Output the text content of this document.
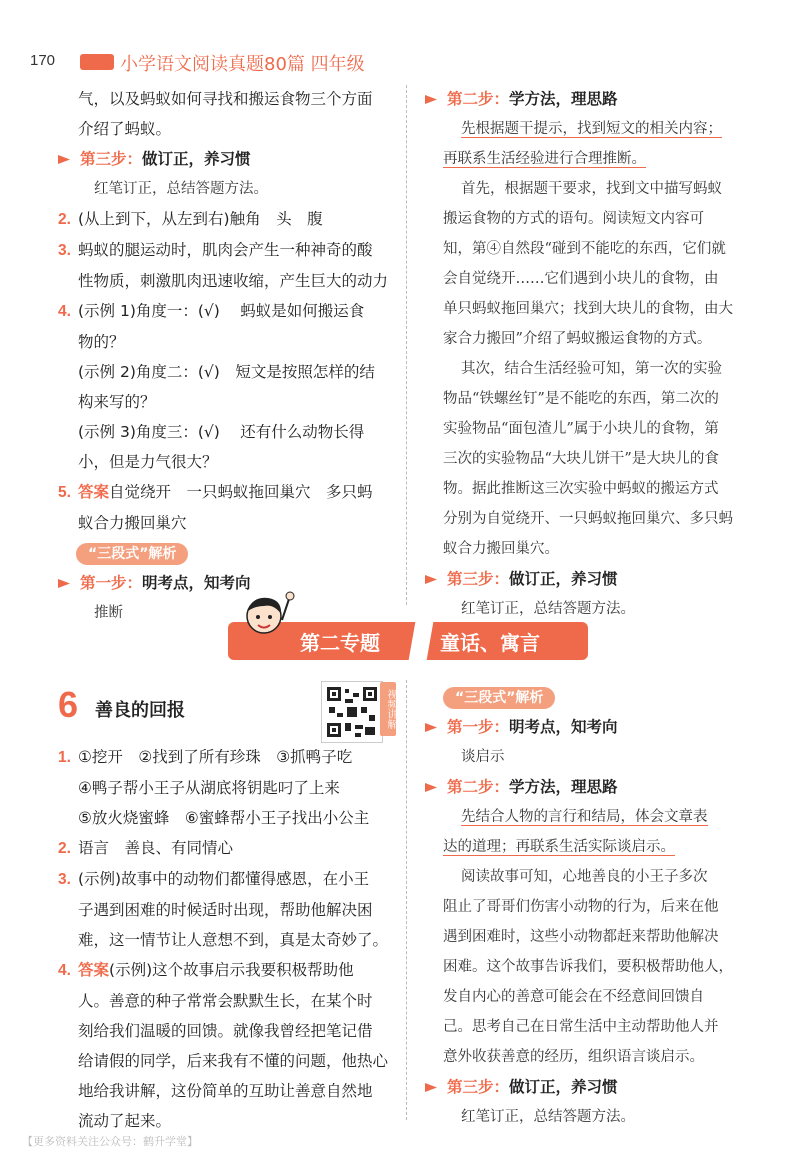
170	小学语文阅读真题80篇 四年级
气，以及蚂蚁如何寻找和搬运食物三个方面
介绍了蚂蚁。
第三步：做订正，养习惯
红笔订正，总结答题方法。
2. (从上到下，从左到右)触角　头　腹
3. 蚂蚁的腿运动时，肌肉会产生一种神奇的酸
性物质，刺激肌肉迅速收缩，产生巨大的动力
4. (示例 1)角度一：(√)　 蚂蚁是如何搬运食
物的？
(示例 2)角度二：(√)　短文是按照怎样的结
构来写的？
(示例 3)角度三：(√)　 还有什么动物长得
小，但是力气很大？
5. 答案自觉绕开　一只蚂蚁拖回巢穴　多只蚂
蚁合力搬回巢穴
“三段式”解析
第一步：明考点，知考向
推断
第二步：学方法，理思路
先根据题干提示，找到短文的相关内容；
再联系生活经验进行合理推断。
首先，根据题干要求，找到文中描写蚂蚁
搬运食物的方式的语句。阅读短文内容可
知，第④自然段“碰到不能吃的东西，它们就
会自觉绕开……它们遇到小块儿的食物，由
单只蚂蚁拖回巢穴；找到大块儿的食物，由大
家合力搬回”介绍了蚂蚁搬运食物的方式。
其次，结合生活经验可知，第一次的实验
物品“铁螺丝钉”是不能吃的东西，第二次的
实验物品“面包渣儿”属于小块儿的食物，第
三次的实验物品“大块儿饼干”是大块儿的食
物。据此推断这三次实验中蚂蚁的搬运方式
分别为自觉绕开、一只蚂蚁拖回巢穴、多只蚂
蚁合力搬回巢穴。
第三步：做订正，养习惯
红笔订正，总结答题方法。
第二专题	童话、寓言
6 善良的回报	视频讲解
1. ①挖开　②找到了所有珍珠　③抓鸭子吃
④鸭子帮小王子从湖底将钥匙叼了上来
⑤放火烧蜜蜂　⑥蜜蜂帮小王子找出小公主
2. 语言　善良、有同情心
3. (示例)故事中的动物们都懂得感恩，在小王
子遇到困难的时候适时出现，帮助他解决困
难，这一情节让人意想不到，真是太奇妙了。
4. 答案(示例)这个故事启示我要积极帮助他
人。善意的种子常常会默默生长，在某个时
刻给我们温暖的回馈。就像我曾经把笔记借
给请假的同学，后来我有不懂的问题，他热心
地给我讲解，这份简单的互助让善意自然地
流动了起来。
“三段式”解析
第一步：明考点，知考向
谈启示
第二步：学方法，理思路
先结合人物的言行和结局，体会文章表
达的道理；再联系生活实际谈启示。
阅读故事可知，心地善良的小王子多次
阻止了哥哥们伤害小动物的行为，后来在他
遇到困难时，这些小动物都赶来帮助他解决
困难。这个故事告诉我们，要积极帮助他人，
发自内心的善意可能会在不经意间回馈自
己。思考自己在日常生活中主动帮助他人并
意外收获善意的经历，组织语言谈启示。
第三步：做订正，养习惯
红笔订正，总结答题方法。
【更多资料关注公众号：鹤升学堂】
